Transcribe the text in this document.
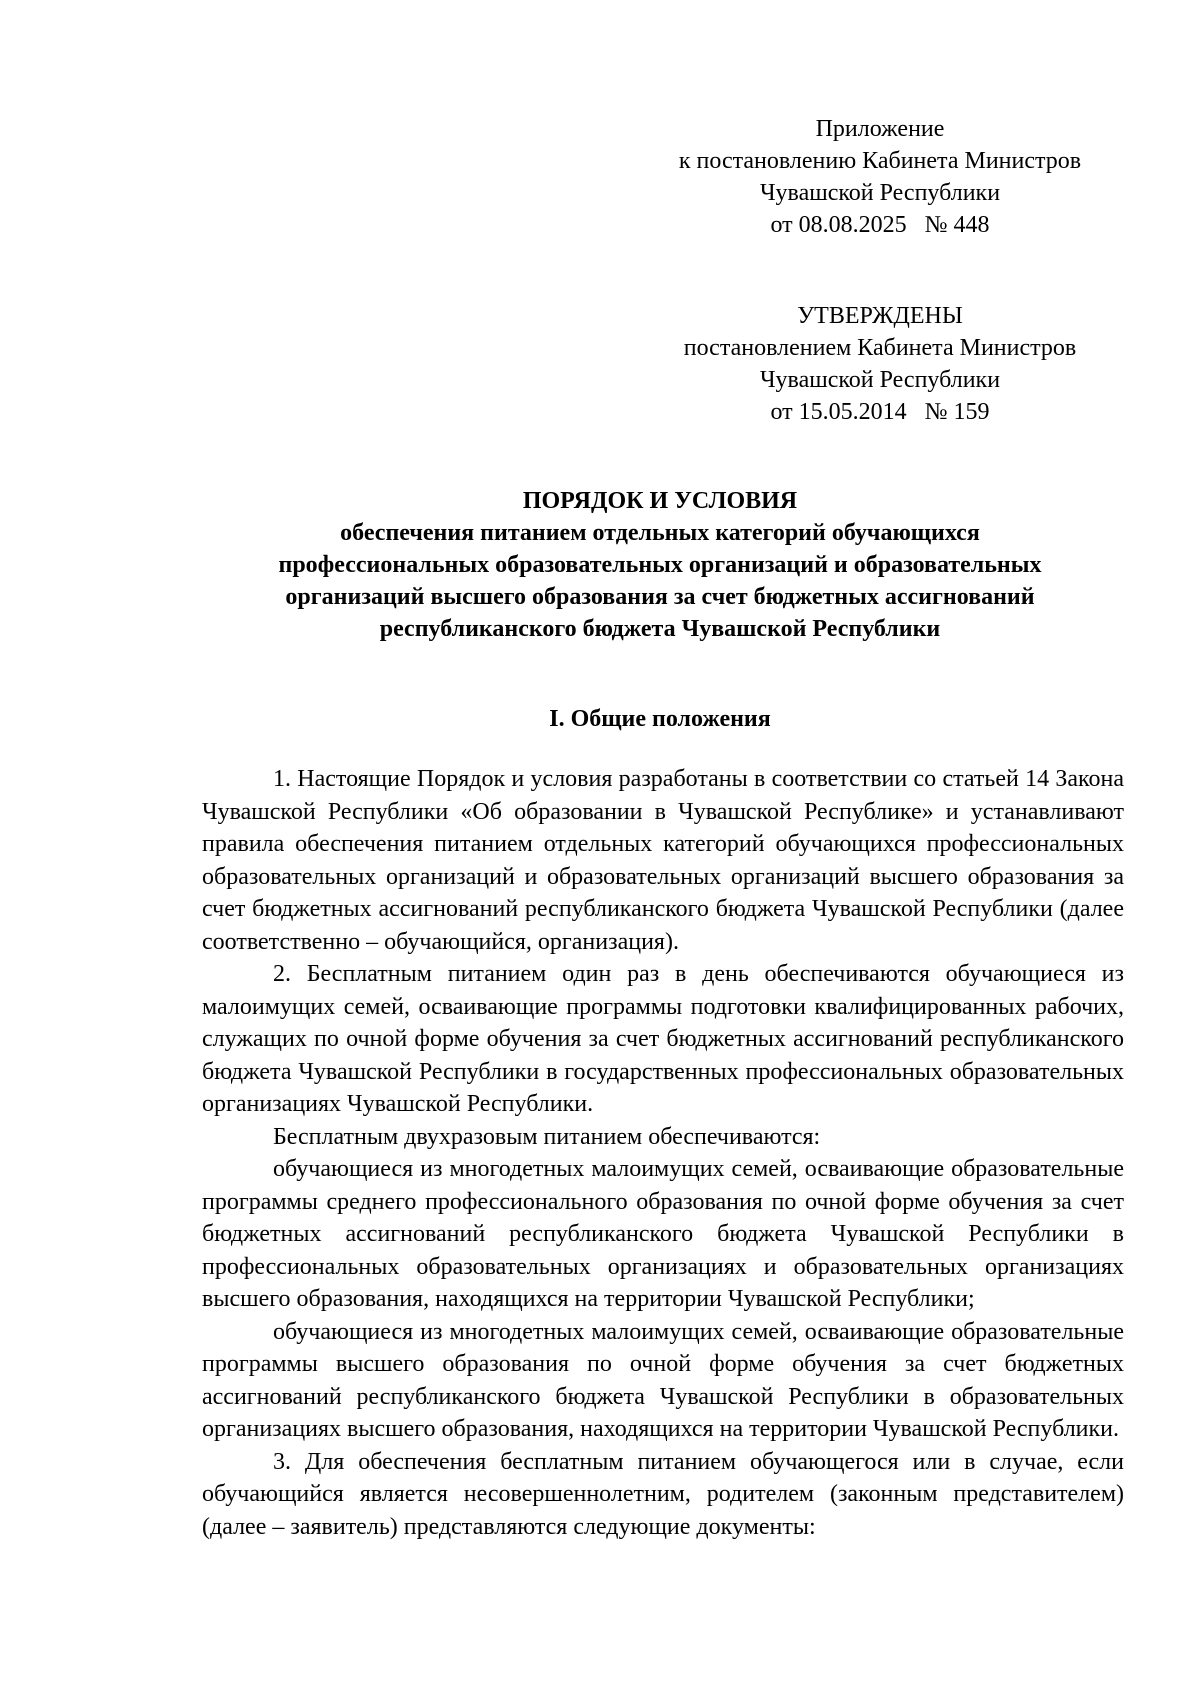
Приложение
к постановлению Кабинета Министров
Чувашской Республики
от 08.08.2025   № 448
УТВЕРЖДЕНЫ
постановлением Кабинета Министров
Чувашской Республики
от 15.05.2014   № 159
ПОРЯДОК И УСЛОВИЯ
обеспечения питанием отдельных категорий обучающихся
профессиональных образовательных организаций и образовательных
организаций высшего образования за счет бюджетных ассигнований
республиканского бюджета Чувашской Республики
I. Общие положения

1. Настоящие Порядок и условия разработаны в соответствии со статьей 14 Закона Чувашской Республики «Об образовании в Чувашской Республике» и устанавливают правила обеспечения питанием отдельных категорий обучающихся профессиональных образовательных организаций и образовательных организаций высшего образования за счет бюджетных ассигнований республиканского бюджета Чувашской Республики (далее соответственно – обучающийся, организация).

2. Бесплатным питанием один раз в день обеспечиваются обучающиеся из малоимущих семей, осваивающие программы подготовки квалифицированных рабочих, служащих по очной форме обучения за счет бюджетных ассигнований республиканского бюджета Чувашской Республики в государственных профессиональных образовательных организациях Чувашской Республики.

Бесплатным двухразовым питанием обеспечиваются:

обучающиеся из многодетных малоимущих семей, осваивающие образовательные программы среднего профессионального образования по очной форме обучения за счет бюджетных ассигнований республиканского бюджета Чувашской Республики в профессиональных образовательных организациях и образовательных организациях высшего образования, находящихся на территории Чувашской Республики;

обучающиеся из многодетных малоимущих семей, осваивающие образовательные программы высшего образования по очной форме обучения за счет бюджетных ассигнований республиканского бюджета Чувашской Республики в образовательных организациях высшего образования, находящихся на территории Чувашской Республики.

3. Для обеспечения бесплатным питанием обучающегося или в случае, если обучающийся является несовершеннолетним, родителем (законным представителем) (далее – заявитель) представляются следующие документы:
